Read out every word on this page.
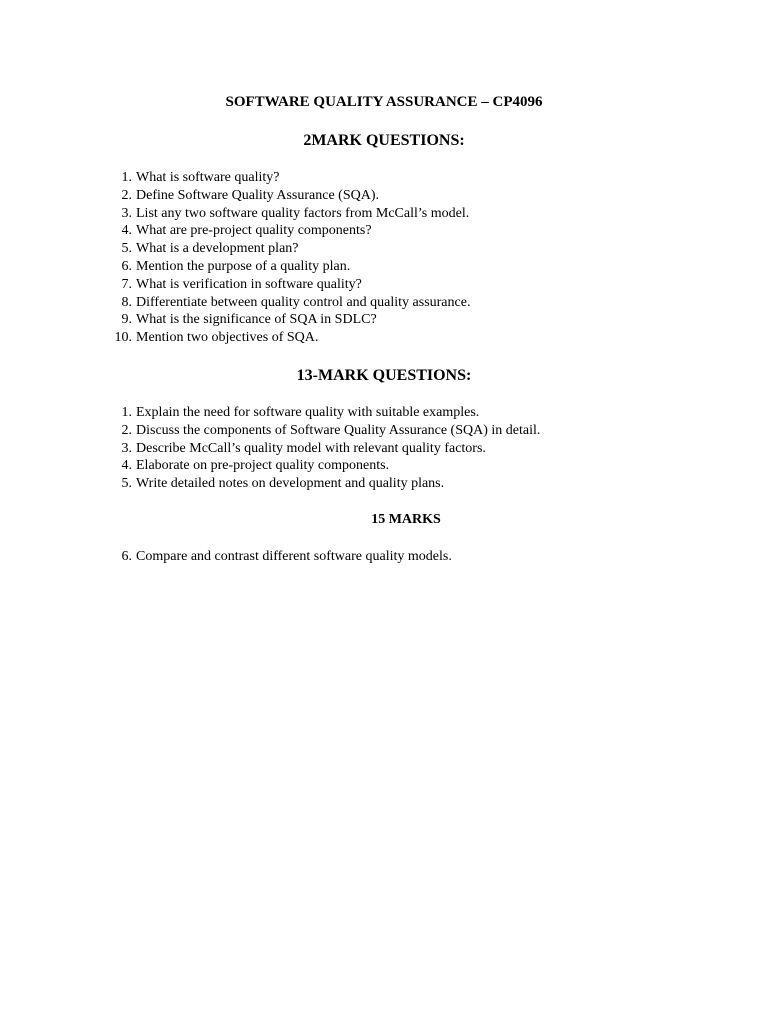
SOFTWARE QUALITY ASSURANCE – CP4096
2MARK QUESTIONS:
1. What is software quality?
2. Define Software Quality Assurance (SQA).
3. List any two software quality factors from McCall’s model.
4. What are pre-project quality components?
5. What is a development plan?
6. Mention the purpose of a quality plan.
7. What is verification in software quality?
8. Differentiate between quality control and quality assurance.
9. What is the significance of SQA in SDLC?
10. Mention two objectives of SQA.
13-MARK QUESTIONS:
1. Explain the need for software quality with suitable examples.
2. Discuss the components of Software Quality Assurance (SQA) in detail.
3. Describe McCall’s quality model with relevant quality factors.
4. Elaborate on pre-project quality components.
5. Write detailed notes on development and quality plans.
15 MARKS
6. Compare and contrast different software quality models.
